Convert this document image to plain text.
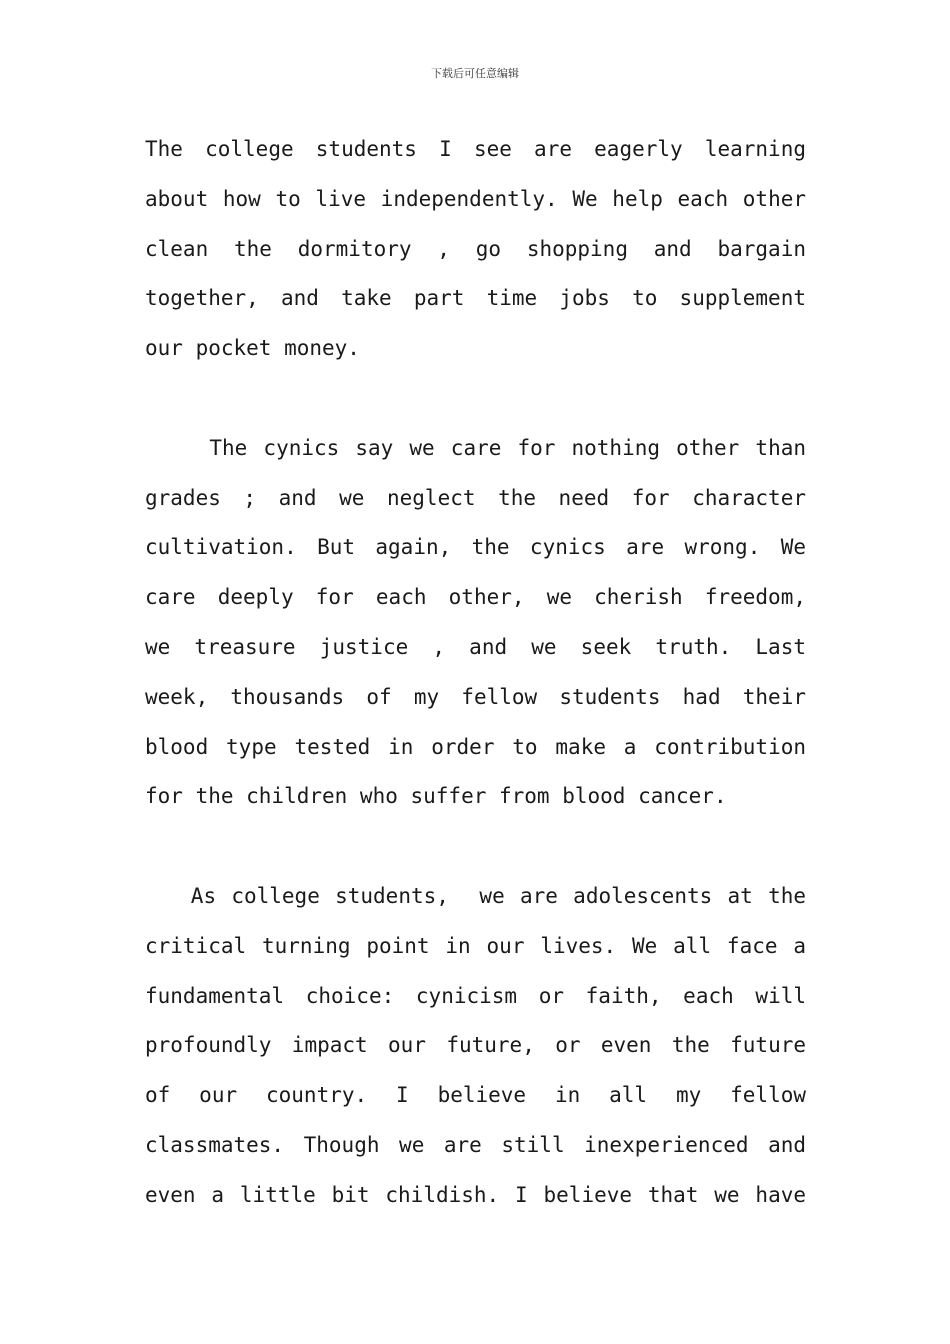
下载后可任意编辑
The college students I see are eagerly learning
about how to live independently. We help each other
clean the dormitory , go shopping and bargain
together, and take part time jobs to supplement
our pocket money.
The cynics say we care for nothing other than
grades ; and we neglect the need for character
cultivation. But again, the cynics are wrong. We
care deeply for each other, we cherish freedom,
we treasure justice , and we seek truth. Last
week, thousands of my fellow students had their
blood type tested in order to make a contribution
for the children who suffer from blood cancer.
As college students,  we are adolescents at the
critical turning point in our lives. We all face a
fundamental choice: cynicism or faith, each will
profoundly impact our future, or even the future
of our country. I believe in all my fellow
classmates. Though we are still inexperienced and
even a little bit childish. I believe that we have
